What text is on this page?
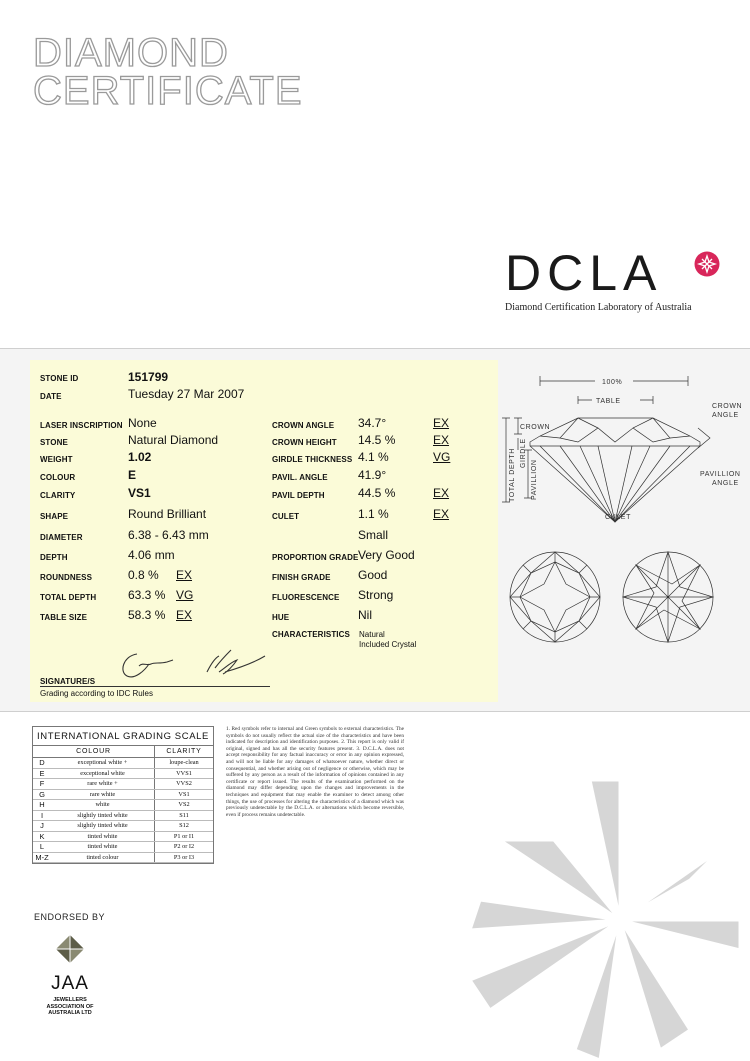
DIAMOND
CERTIFICATE
DCLA
Diamond Certification Laboratory of Australia
STONE ID	151799
DATE	Tuesday 27 Mar 2007
LASER INSCRIPTION None
STONE	Natural Diamond
WEIGHT	1.02
COLOUR	E
CLARITY	VS1
SHAPE	Round Brilliant
DIAMETER	6.38 - 6.43 mm
DEPTH	4.06 mm
ROUNDNESS	0.8 % EX
TOTAL DEPTH	63.3 % VG
TABLE SIZE	58.3 % EX
CROWN ANGLE 34.7°	EX
CROWN HEIGHT 14.5 %	EX
GIRDLE THICKNESS 4.1 %	VG
PAVIL. ANGLE	41.9°
PAVIL DEPTH	44.5 %	EX
CULET	1.1 %	EX
Small
PROPORTION GRADE Very Good
FINISH GRADE Good
FLUORESCENCE Strong
HUE	Nil
CHARACTERISTICS Natural
Included Crystal
SIGNATURE/S
Grading according to IDC Rules
100%
TABLE
CROWN
ANGLE
CROWN
TOTAL DEPTH GIRDLE
PAVILLION	PAVILLION
ANGLE
CULET
INTERNATIONAL GRADING SCALE
COLOUR		CLARITY
D	exceptional white +	loupe-clean
E	exceptional white	VVS1
F	rare white +	VVS2
G	rare white	VS1
H	white	VS2
I	slightly tinted white	S11
J	slightly tinted white	S12
K	tinted white	P1 or I1
L	tinted white	P2 or I2
M-Z	tinted colour	P3 or I3
1. Red symbols refer to internal and Green symbols to external characteristics. The symbols do not usually reflect the actual size of the characteristics and have been indicated for description and identification purposes. 2. This report is only valid if original, signed and has all the security features present. 3. D.C.L.A. does not accept responsibility for any factual inaccuracy or error in any opinion expressed, and will not be liable for any damages of whatsoever nature, whether direct or consequential, and whether arising out of negligence or otherwise, which may be suffered by any person as a result of the information of opinions contained in any certificate or report issued. The results of the examination performed on the diamond may differ depending upon the changes and improvements in the techniques and equipment that may enable the examiner to detect among other things, the use of processes for altering the characteristics of a diamond which was previously undetectable by the D.C.L.A. or alternations which become reversible, even if process remains undetectable.
ENDORSED BY
JAA
JEWELLERS
ASSOCIATION OF
AUSTRALIA LTD
